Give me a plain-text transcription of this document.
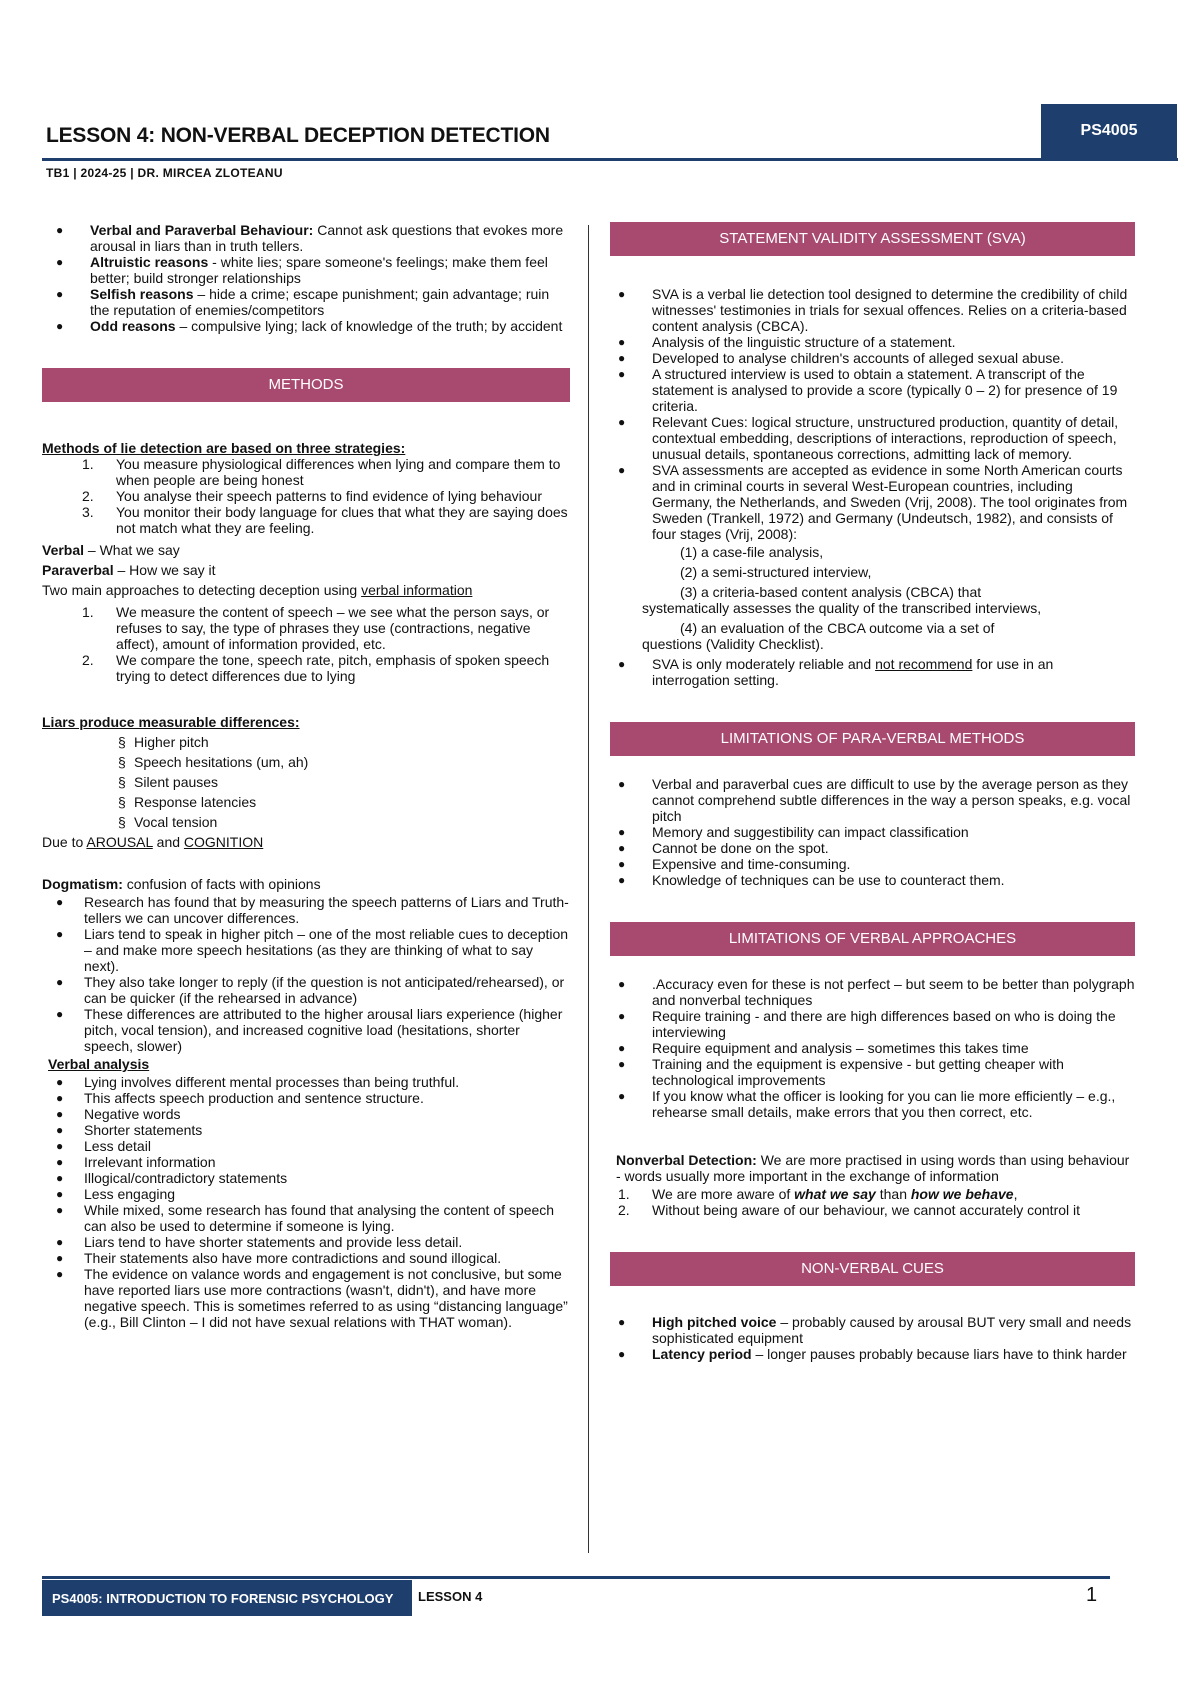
LESSON 4: NON-VERBAL DECEPTION DETECTION	PS4005
TB1 | 2024-25 | DR. MIRCEA ZLOTEANU
● Verbal and Paraverbal Behaviour: Cannot ask questions that evokes more arousal in liars than in truth tellers.
● Altruistic reasons - white lies; spare someone's feelings; make them feel better; build stronger relationships
● Selfish reasons – hide a crime; escape punishment; gain advantage; ruin the reputation of enemies/competitors
● Odd reasons – compulsive lying; lack of knowledge of the truth; by accident
METHODS

Methods of lie detection are based on three strategies:

1. You measure physiological differences when lying and compare them to when people are being honest
2. You analyse their speech patterns to find evidence of lying behaviour
3. You monitor their body language for clues that what they are saying does not match what they are feeling.

Verbal – What we say

Paraverbal – How we say it

Two main approaches to detecting deception using verbal information

1. We measure the content of speech – we see what the person says, or refuses to say, the type of phrases they use (contractions, negative affect), amount of information provided, etc.
2. We compare the tone, speech rate, pitch, emphasis of spoken speech trying to detect differences due to lying

Liars produce measurable differences:

§ Higher pitch
§ Speech hesitations (um, ah)
§ Silent pauses
§ Response latencies
§ Vocal tension

Due to AROUSAL and COGNITION

Dogmatism: confusion of facts with opinions

● Research has found that by measuring the speech patterns of Liars and Truth-tellers we can uncover differences.
● Liars tend to speak in higher pitch – one of the most reliable cues to deception – and make more speech hesitations (as they are thinking of what to say next).
● They also take longer to reply (if the question is not anticipated/rehearsed), or can be quicker (if the rehearsed in advance)
● These differences are attributed to the higher arousal liars experience (higher pitch, vocal tension), and increased cognitive load (hesitations, shorter speech, slower)

Verbal analysis

● Lying involves different mental processes than being truthful.
● This affects speech production and sentence structure.
● Negative words
● Shorter statements
● Less detail
● Irrelevant information
● Illogical/contradictory statements
● Less engaging
● While mixed, some research has found that analysing the content of speech can also be used to determine if someone is lying.
● Liars tend to have shorter statements and provide less detail.
● Their statements also have more contradictions and sound illogical.
● The evidence on valance words and engagement is not conclusive, but some have reported liars use more contractions (wasn't, didn't), and have more negative speech. This is sometimes referred to as using “distancing language” (e.g., Bill Clinton – I did not have sexual relations with THAT woman).
STATEMENT VALIDITY ASSESSMENT (SVA)
● SVA is a verbal lie detection tool designed to determine the credibility of child witnesses' testimonies in trials for sexual offences. Relies on a criteria-based content analysis (CBCA).
● Analysis of the linguistic structure of a statement.
● Developed to analyse children's accounts of alleged sexual abuse.
● A structured interview is used to obtain a statement. A transcript of the statement is analysed to provide a score (typically 0 – 2) for presence of 19 criteria.
● Relevant Cues: logical structure, unstructured production, quantity of detail, contextual embedding, descriptions of interactions, reproduction of speech, unusual details, spontaneous corrections, admitting lack of memory.
● SVA assessments are accepted as evidence in some North American courts and in criminal courts in several West-European countries, including Germany, the Netherlands, and Sweden (Vrij, 2008). The tool originates from Sweden (Trankell, 1972) and Germany (Undeutsch, 1982), and consists of four stages (Vrij, 2008):
(1) a case-file analysis,
(2) a semi-structured interview,
(3) a criteria-based content analysis (CBCA) that
systematically assesses the quality of the transcribed interviews,
(4) an evaluation of the CBCA outcome via a set of
questions (Validity Checklist).
● SVA is only moderately reliable and not recommend for use in an interrogation setting.
LIMITATIONS OF PARA-VERBAL METHODS
● Verbal and paraverbal cues are difficult to use by the average person as they cannot comprehend subtle differences in the way a person speaks, e.g. vocal pitch
● Memory and suggestibility can impact classification
● Cannot be done on the spot.
● Expensive and time-consuming.
● Knowledge of techniques can be use to counteract them.
LIMITATIONS OF VERBAL APPROACHES
● .Accuracy even for these is not perfect – but seem to be better than polygraph and nonverbal techniques
● Require training - and there are high differences based on who is doing the interviewing
● Require equipment and analysis – sometimes this takes time
● Training and the equipment is expensive - but getting cheaper with technological improvements
● If you know what the officer is looking for you can lie more efficiently – e.g., rehearse small details, make errors that you then correct, etc.

Nonverbal Detection: We are more practised in using words than using behaviour - words usually more important in the exchange of information

1. We are more aware of what we say than how we behave,
2. Without being aware of our behaviour, we cannot accurately control it
NON-VERBAL CUES
● High pitched voice – probably caused by arousal BUT very small and needs sophisticated equipment
● Latency period – longer pauses probably because liars have to think harder
PS4005: INTRODUCTION TO FORENSIC PSYCHOLOGY	LESSON 4	1
